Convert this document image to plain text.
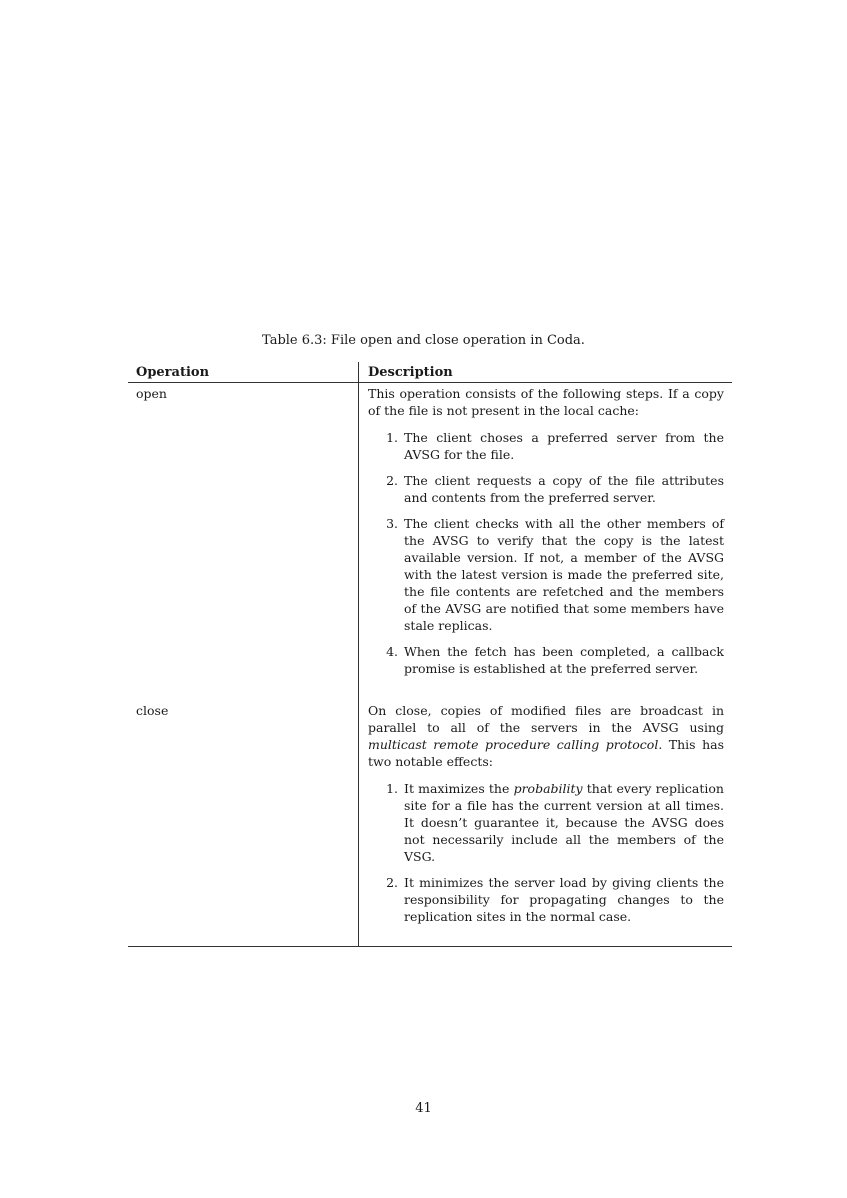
Table 6.3: File open and close operation in Coda.
Operation	Description
open	This operation consists of the following steps. If a copy of the file is not present in the local cache:

1. The client choses a preferred server from the AVSG for the file.
2. The client requests a copy of the file attributes and contents from the preferred server.
3. The client checks with all the other members of the AVSG to verify that the copy is the latest available version. If not, a member of the AVSG with the latest version is made the preferred site, the file contents are refetched and the members of the AVSG are notified that some members have stale replicas.
4. When the fetch has been completed, a callback promise is established at the preferred server.
close	On close, copies of modified files are broadcast in parallel to all of the servers in the AVSG using multicast remote procedure calling protocol. This has two notable effects:

1. It maximizes the probability that every replication site for a file has the current version at all times. It doesn’t guarantee it, because the AVSG does not necessarily include all the members of the VSG.
2. It minimizes the server load by giving clients the responsibility for propagating changes to the replication sites in the normal case.
41
